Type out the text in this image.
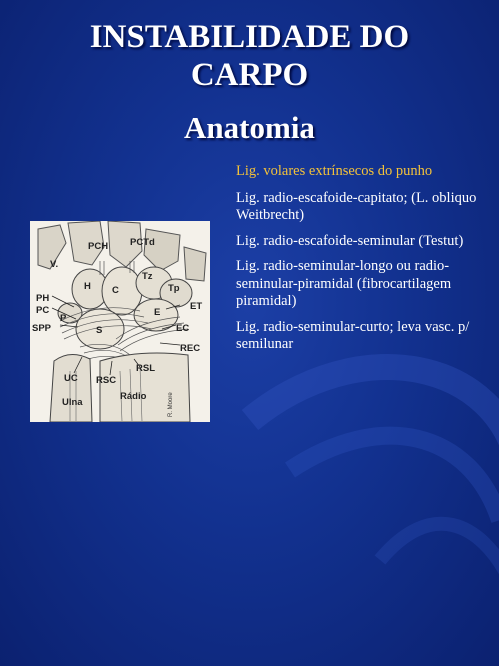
INSTABILIDADE DO
CARPO
Anatomia
PCH PCTd
V.
H C
Tz
Tp
PH
PC
P
SPP	S
E
ET
EC
REC
RSL
UC RSC
Ulna
Rádio	R. Moore
Lig. volares extrínsecos do punho
Lig. radio-escafoide-capitato; (L. obliquo Weitbrecht)
Lig. radio-escafoide-seminular (Testut)
Lig. radio-seminular-longo ou radio-seminular-piramidal (fibrocartilagem piramidal)
Lig. radio-seminular-curto; leva vasc. p/ semilunar
